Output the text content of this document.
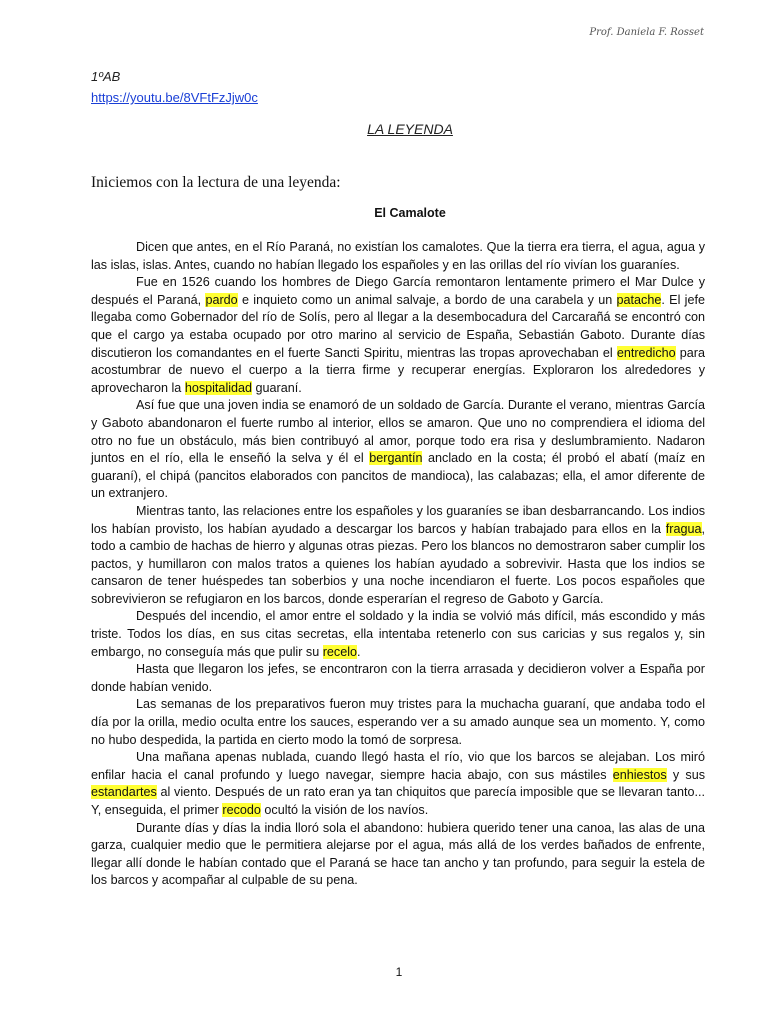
Prof. Daniela F. Rosset
1ºAB
https://youtu.be/8VFtFzJjw0c
LA LEYENDA
Iniciemos con la lectura de una leyenda:
El Camalote

Dicen que antes, en el Río Paraná, no existían los camalotes. Que la tierra era tierra, el agua, agua y las islas, islas. Antes, cuando no habían llegado los españoles y en las orillas del río vivían los guaraníes.

Fue en 1526 cuando los hombres de Diego García remontaron lentamente primero el Mar Dulce y después el Paraná, pardo e inquieto como un animal salvaje, a bordo de una carabela y un patache. El jefe llegaba como Gobernador del río de Solís, pero al llegar a la desembocadura del Carcarañá se encontró con que el cargo ya estaba ocupado por otro marino al servicio de España, Sebastián Gaboto. Durante días discutieron los comandantes en el fuerte Sancti Spiritu, mientras las tropas aprovechaban el entredicho para acostumbrar de nuevo el cuerpo a la tierra firme y recuperar energías. Exploraron los alrededores y aprovecharon la hospitalidad guaraní.

Así fue que una joven india se enamoró de un soldado de García. Durante el verano, mientras García y Gaboto abandonaron el fuerte rumbo al interior, ellos se amaron. Que uno no comprendiera el idioma del otro no fue un obstáculo, más bien contribuyó al amor, porque todo era risa y deslumbramiento. Nadaron juntos en el río, ella le enseñó la selva y él el bergantín anclado en la costa; él probó el abatí (maíz en guaraní), el chipá (pancitos elaborados con pancitos de mandioca), las calabazas; ella, el amor diferente de un extranjero.

Mientras tanto, las relaciones entre los españoles y los guaraníes se iban desbarrancando. Los indios los habían provisto, los habían ayudado a descargar los barcos y habían trabajado para ellos en la fragua, todo a cambio de hachas de hierro y algunas otras piezas. Pero los blancos no demostraron saber cumplir los pactos, y humillaron con malos tratos a quienes los habían ayudado a sobrevivir. Hasta que los indios se cansaron de tener huéspedes tan soberbios y una noche incendiaron el fuerte. Los pocos españoles que sobrevivieron se refugiaron en los barcos, donde esperarían el regreso de Gaboto y García.

Después del incendio, el amor entre el soldado y la india se volvió más difícil, más escondido y más triste. Todos los días, en sus citas secretas, ella intentaba retenerlo con sus caricias y sus regalos y, sin embargo, no conseguía más que pulir su recelo.

Hasta que llegaron los jefes, se encontraron con la tierra arrasada y decidieron volver a España por donde habían venido.

Las semanas de los preparativos fueron muy tristes para la muchacha guaraní, que andaba todo el día por la orilla, medio oculta entre los sauces, esperando ver a su amado aunque sea un momento. Y, como no hubo despedida, la partida en cierto modo la tomó de sorpresa.

Una mañana apenas nublada, cuando llegó hasta el río, vio que los barcos se alejaban. Los miró enfilar hacia el canal profundo y luego navegar, siempre hacia abajo, con sus mástiles enhiestos y sus estandartes al viento. Después de un rato eran ya tan chiquitos que parecía imposible que se llevaran tanto... Y, enseguida, el primer recodo ocultó la visión de los navíos.

Durante días y días la india lloró sola el abandono: hubiera querido tener una canoa, las alas de una garza, cualquier medio que le permitiera alejarse por el agua, más allá de los verdes bañados de enfrente, llegar allí donde le habían contado que el Paraná se hace tan ancho y tan profundo, para seguir la estela de los barcos y acompañar al culpable de su pena.

1
